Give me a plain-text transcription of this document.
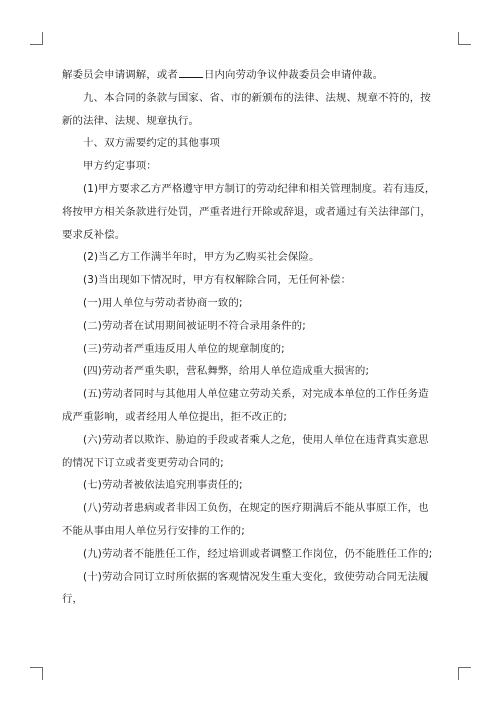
解委员会申请调解，或者	日内向劳动争议仲裁委员会申请仲裁。

九、本合同的条款与国家、省、市的新颁布的法律、法规、规章不符的，按新的法律、法规、规章执行。

十、双方需要约定的其他事项

甲方约定事项：

(1)甲方要求乙方严格遵守甲方制订的劳动纪律和相关管理制度。若有违反，将按甲方相关条款进行处罚，严重者进行开除或辞退，或者通过有关法律部门，要求反补偿。

(2)当乙方工作满半年时，甲方为乙购买社会保险。

(3)当出现如下情况时，甲方有权解除合同，无任何补偿：

(一)用人单位与劳动者协商一致的;

(二)劳动者在试用期间被证明不符合录用条件的;

(三)劳动者严重违反用人单位的规章制度的;

(四)劳动者严重失职，营私舞弊，给用人单位造成重大损害的;

(五)劳动者同时与其他用人单位建立劳动关系，对完成本单位的工作任务造成严重影响，或者经用人单位提出，拒不改正的;

(六)劳动者以欺诈、胁迫的手段或者乘人之危，使用人单位在违背真实意思的情况下订立或者变更劳动合同的;

(七)劳动者被依法追究刑事责任的;

(八)劳动者患病或者非因工负伤，在规定的医疗期满后不能从事原工作，也不能从事由用人单位另行安排的工作的;

(九)劳动者不能胜任工作，经过培训或者调整工作岗位，仍不能胜任工作的;

(十)劳动合同订立时所依据的客观情况发生重大变化，致使劳动合同无法履行，
